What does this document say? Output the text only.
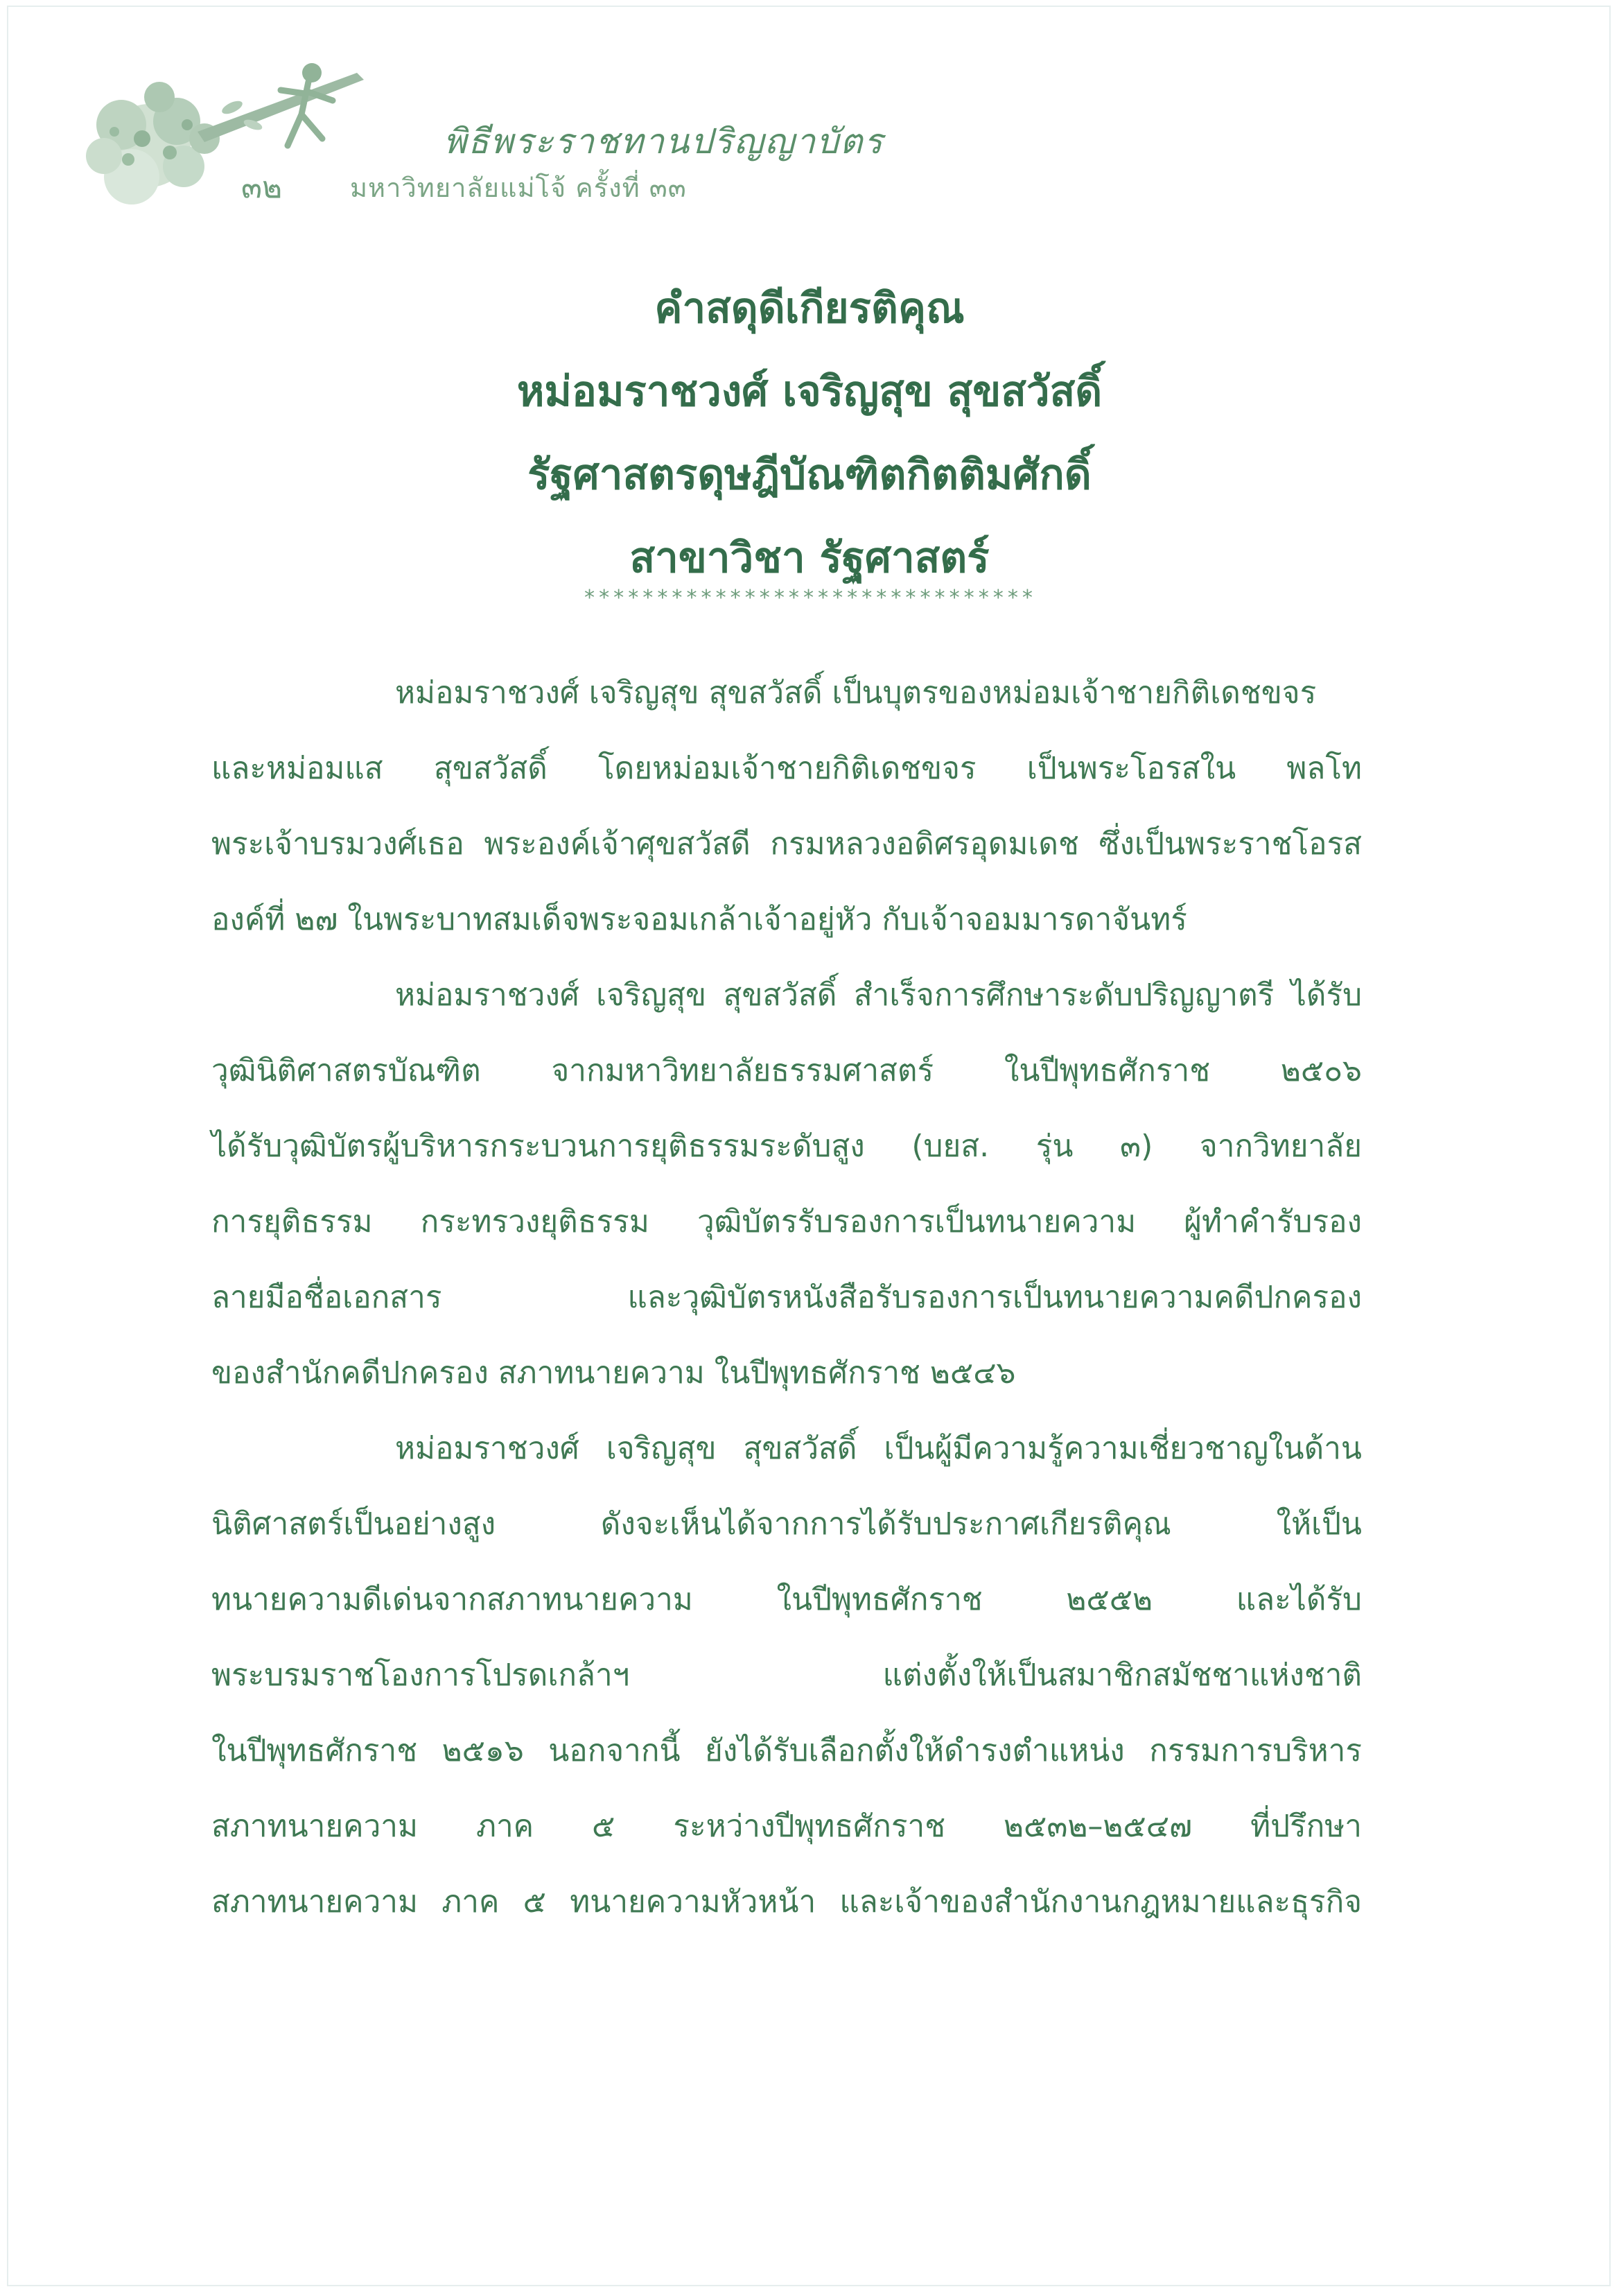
พิธีพระราชทานปริญญาบัตร
๓๒	มหาวิทยาลัยแม่โจ้ ครั้งที่ ๓๓
คำสดุดีเกียรติคุณ
หม่อมราชวงศ์ เจริญสุข สุขสวัสดิ์
รัฐศาสตรดุษฎีบัณฑิตกิตติมศักดิ์
สาขาวิชา รัฐศาสตร์
*******************************
หม่อมราชวงศ์ เจริญสุข สุขสวัสดิ์ เป็นบุตรของหม่อมเจ้าชายกิติเดชขจร
และหม่อมแส สุขสวัสดิ์ โดยหม่อมเจ้าชายกิติเดชขจร เป็นพระโอรสใน พลโท
พระเจ้าบรมวงศ์เธอ พระองค์เจ้าศุขสวัสดี กรมหลวงอดิศรอุดมเดช ซึ่งเป็นพระราชโอรส
องค์ที่ ๒๗ ในพระบาทสมเด็จพระจอมเกล้าเจ้าอยู่หัว กับเจ้าจอมมารดาจันทร์
หม่อมราชวงศ์ เจริญสุข สุขสวัสดิ์ สำเร็จการศึกษาระดับปริญญาตรี ได้รับ
วุฒินิติศาสตรบัณฑิต จากมหาวิทยาลัยธรรมศาสตร์ ในปีพุทธศักราช ๒๕๐๖
ได้รับวุฒิบัตรผู้บริหารกระบวนการยุติธรรมระดับสูง (บยส. รุ่น ๓) จากวิทยาลัย
การยุติธรรม กระทรวงยุติธรรม วุฒิบัตรรับรองการเป็นทนายความ ผู้ทำคำรับรอง
ลายมือชื่อเอกสาร และวุฒิบัตรหนังสือรับรองการเป็นทนายความคดีปกครอง
ของสำนักคดีปกครอง สภาทนายความ ในปีพุทธศักราช ๒๕๔๖
หม่อมราชวงศ์ เจริญสุข สุขสวัสดิ์ เป็นผู้มีความรู้ความเชี่ยวชาญในด้าน
นิติศาสตร์เป็นอย่างสูง ดังจะเห็นได้จากการได้รับประกาศเกียรติคุณ ให้เป็น
ทนายความดีเด่นจากสภาทนายความ ในปีพุทธศักราช ๒๕๕๒ และได้รับ
พระบรมราชโองการโปรดเกล้าฯ แต่งตั้งให้เป็นสมาชิกสมัชชาแห่งชาติ
ในปีพุทธศักราช ๒๕๑๖ นอกจากนี้ ยังได้รับเลือกตั้งให้ดำรงตำแหน่ง กรรมการบริหาร
สภาทนายความ ภาค ๕ ระหว่างปีพุทธศักราช ๒๕๓๒–๒๕๔๗ ที่ปรึกษา
สภาทนายความ ภาค ๕ ทนายความหัวหน้า และเจ้าของสำนักงานกฎหมายและธุรกิจ
